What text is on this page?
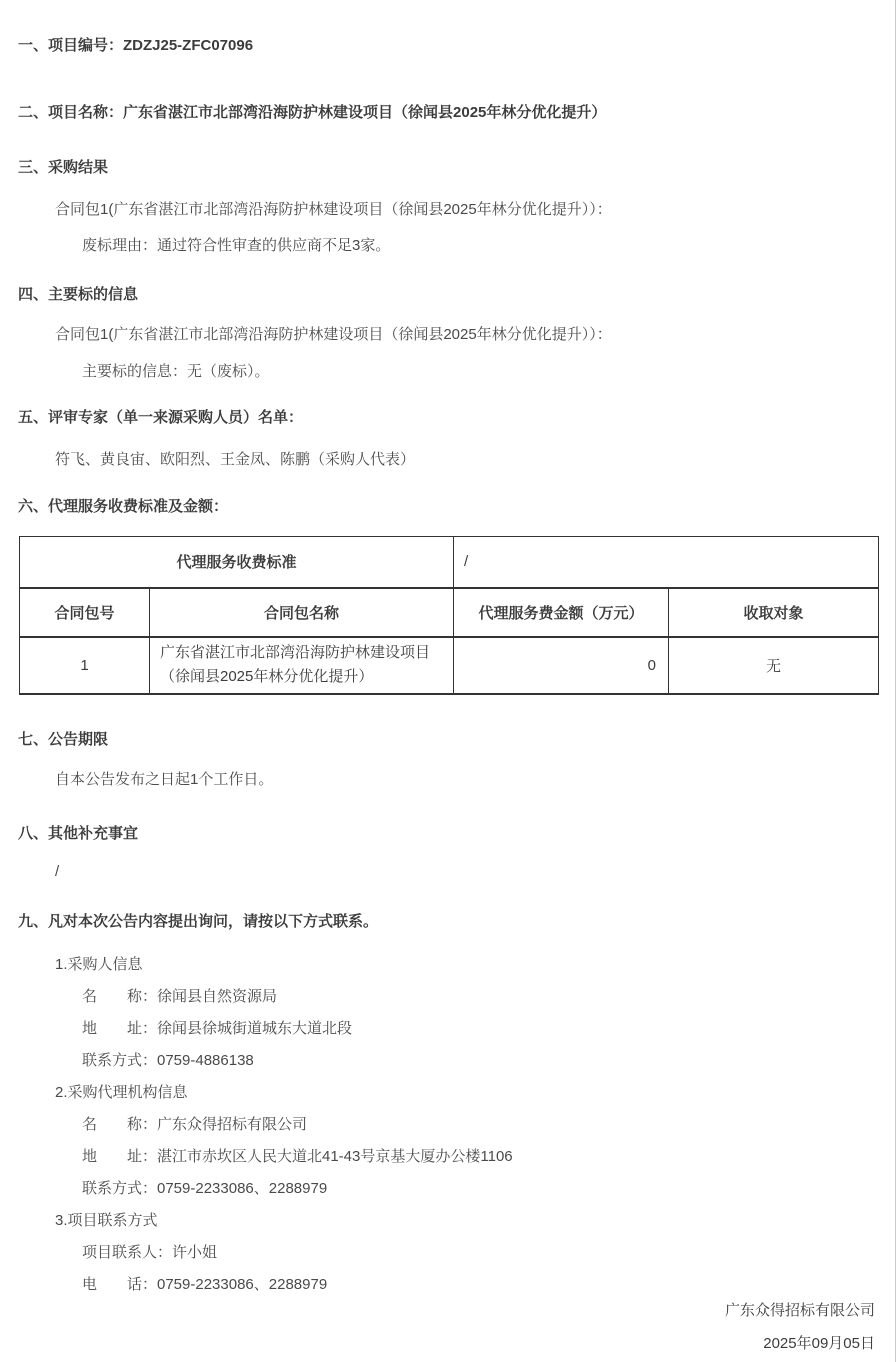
一、项目编号：ZDZJ25-ZFC07096
二、项目名称：广东省湛江市北部湾沿海防护林建设项目（徐闻县2025年林分优化提升）
三、采购结果
合同包1(广东省湛江市北部湾沿海防护林建设项目（徐闻县2025年林分优化提升））：
废标理由：通过符合性审查的供应商不足3家。
四、主要标的信息
合同包1(广东省湛江市北部湾沿海防护林建设项目（徐闻县2025年林分优化提升））：
主要标的信息：无（废标）。
五、评审专家（单一来源采购人员）名单：
符飞、黄良宙、欧阳烈、王金凤、陈鹏（采购人代表）
六、代理服务收费标准及金额：
代理服务收费标准		/	
合同包号	合同包名称	代理服务费金额（万元）	收取对象
1	广东省湛江市北部湾沿海防护林建设项目（徐闻县2025年林分优化提升）	0	无
七、公告期限
自本公告发布之日起1个工作日。
八、其他补充事宜
/
九、凡对本次公告内容提出询问，请按以下方式联系。
1.采购人信息
名　　称：徐闻县自然资源局
地　　址：徐闻县徐城街道城东大道北段
联系方式：0759-4886138
2.采购代理机构信息
名　　称：广东众得招标有限公司
地　　址：湛江市赤坎区人民大道北41-43号京基大厦办公楼1106
联系方式：0759-2233086、2288979
3.项目联系方式
项目联系人：许小姐
电　　话：0759-2233086、2288979
广东众得招标有限公司
2025年09月05日
